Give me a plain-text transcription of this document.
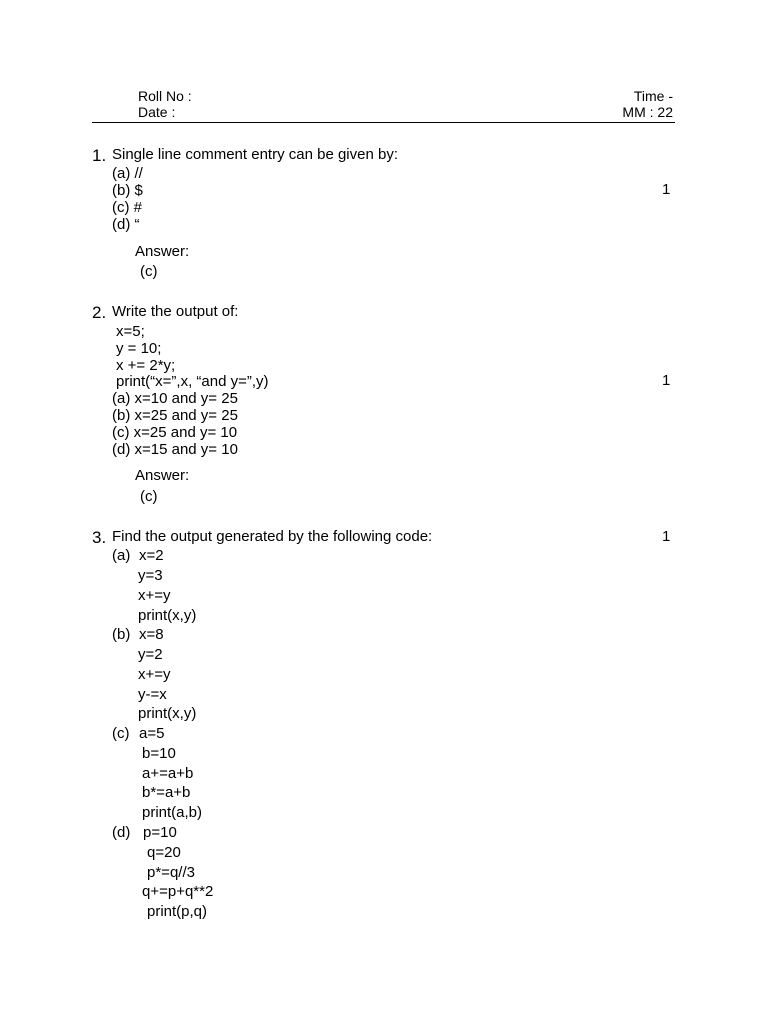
Roll No :
Date :
Time -
MM : 22
1. Single line comment entry can be given by:
(a) //
(b) $
(c) #
(d) “
1
Answer:
(c)
2. Write the output of:
x=5;
y = 10;
x += 2*y;
print(“x=”,x, “and y=”,y)	1
(a) x=10 and y= 25
(b) x=25 and y= 25
(c) x=25 and y= 10
(d) x=15 and y= 10
Answer:
(c)
3. Find the output generated by the following code:	1
(a) x=2
y=3
x+=y
print(x,y)
(b) x=8
y=2
x+=y
y-=x
print(x,y)
(c) a=5
b=10
a+=a+b
b*=a+b
print(a,b)
(d) p=10
q=20
p*=q//3
q+=p+q**2
print(p,q)
